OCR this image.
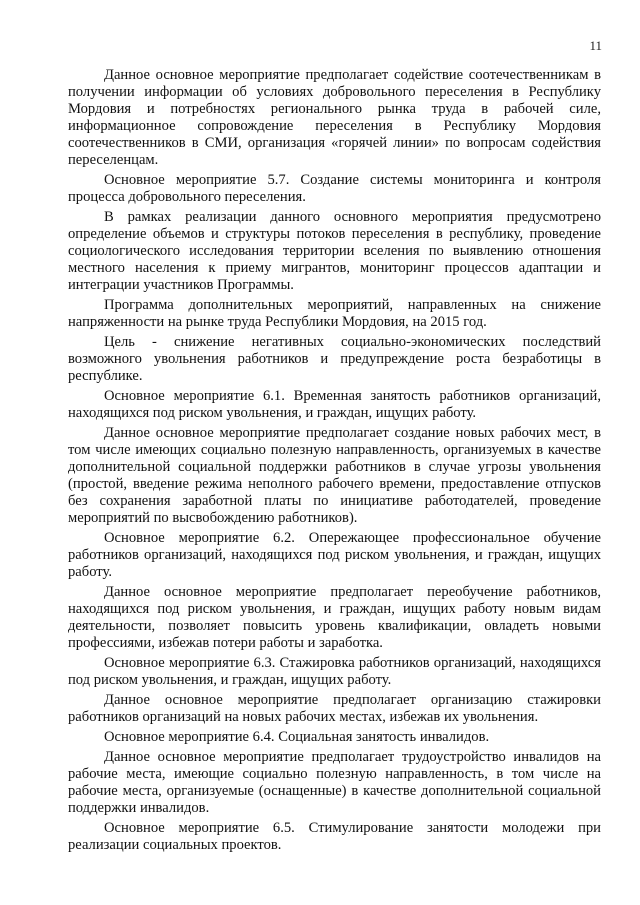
11

Данное основное мероприятие предполагает содействие соотечественникам в получении информации об условиях добровольного переселения в Республику Мордовия и потребностях регионального рынка труда в рабочей силе, информационное сопровождение переселения в Республику Мордовия соотечественников в СМИ, организация «горячей линии» по вопросам содействия переселенцам.

Основное мероприятие 5.7. Создание системы мониторинга и контроля процесса добровольного переселения.

В рамках реализации данного основного мероприятия предусмотрено определение объемов и структуры потоков переселения в республику, проведение социологического исследования территории вселения по выявлению отношения местного населения к приему мигрантов, мониторинг процессов адаптации и интеграции участников Программы.

Программа дополнительных мероприятий, направленных на снижение напряженности на рынке труда Республики Мордовия, на 2015 год.

Цель - снижение негативных социально-экономических последствий возможного увольнения работников и предупреждение роста безработицы в республике.

Основное мероприятие 6.1. Временная занятость работников организаций, находящихся под риском увольнения, и граждан, ищущих работу.

Данное основное мероприятие предполагает создание новых рабочих мест, в том числе имеющих социально полезную направленность, организуемых в качестве дополнительной социальной поддержки работников в случае угрозы увольнения (простой, введение режима неполного рабочего времени, предоставление отпусков без сохранения заработной платы по инициативе работодателей, проведение мероприятий по высвобождению работников).

Основное мероприятие 6.2. Опережающее профессиональное обучение работников организаций, находящихся под риском увольнения, и граждан, ищущих работу.

Данное основное мероприятие предполагает переобучение работников, находящихся под риском увольнения, и граждан, ищущих работу новым видам деятельности, позволяет повысить уровень квалификации, овладеть новыми профессиями, избежав потери работы и заработка.

Основное мероприятие 6.3. Стажировка работников организаций, находящихся под риском увольнения, и граждан, ищущих работу.

Данное основное мероприятие предполагает организацию стажировки работников организаций на новых рабочих местах, избежав их увольнения.

Основное мероприятие 6.4. Социальная занятость инвалидов.

Данное основное мероприятие предполагает трудоустройство инвалидов на рабочие места, имеющие социально полезную направленность, в том числе на рабочие места, организуемые (оснащенные) в качестве дополнительной социальной поддержки инвалидов.

Основное мероприятие 6.5. Стимулирование занятости молодежи при реализации социальных проектов.
